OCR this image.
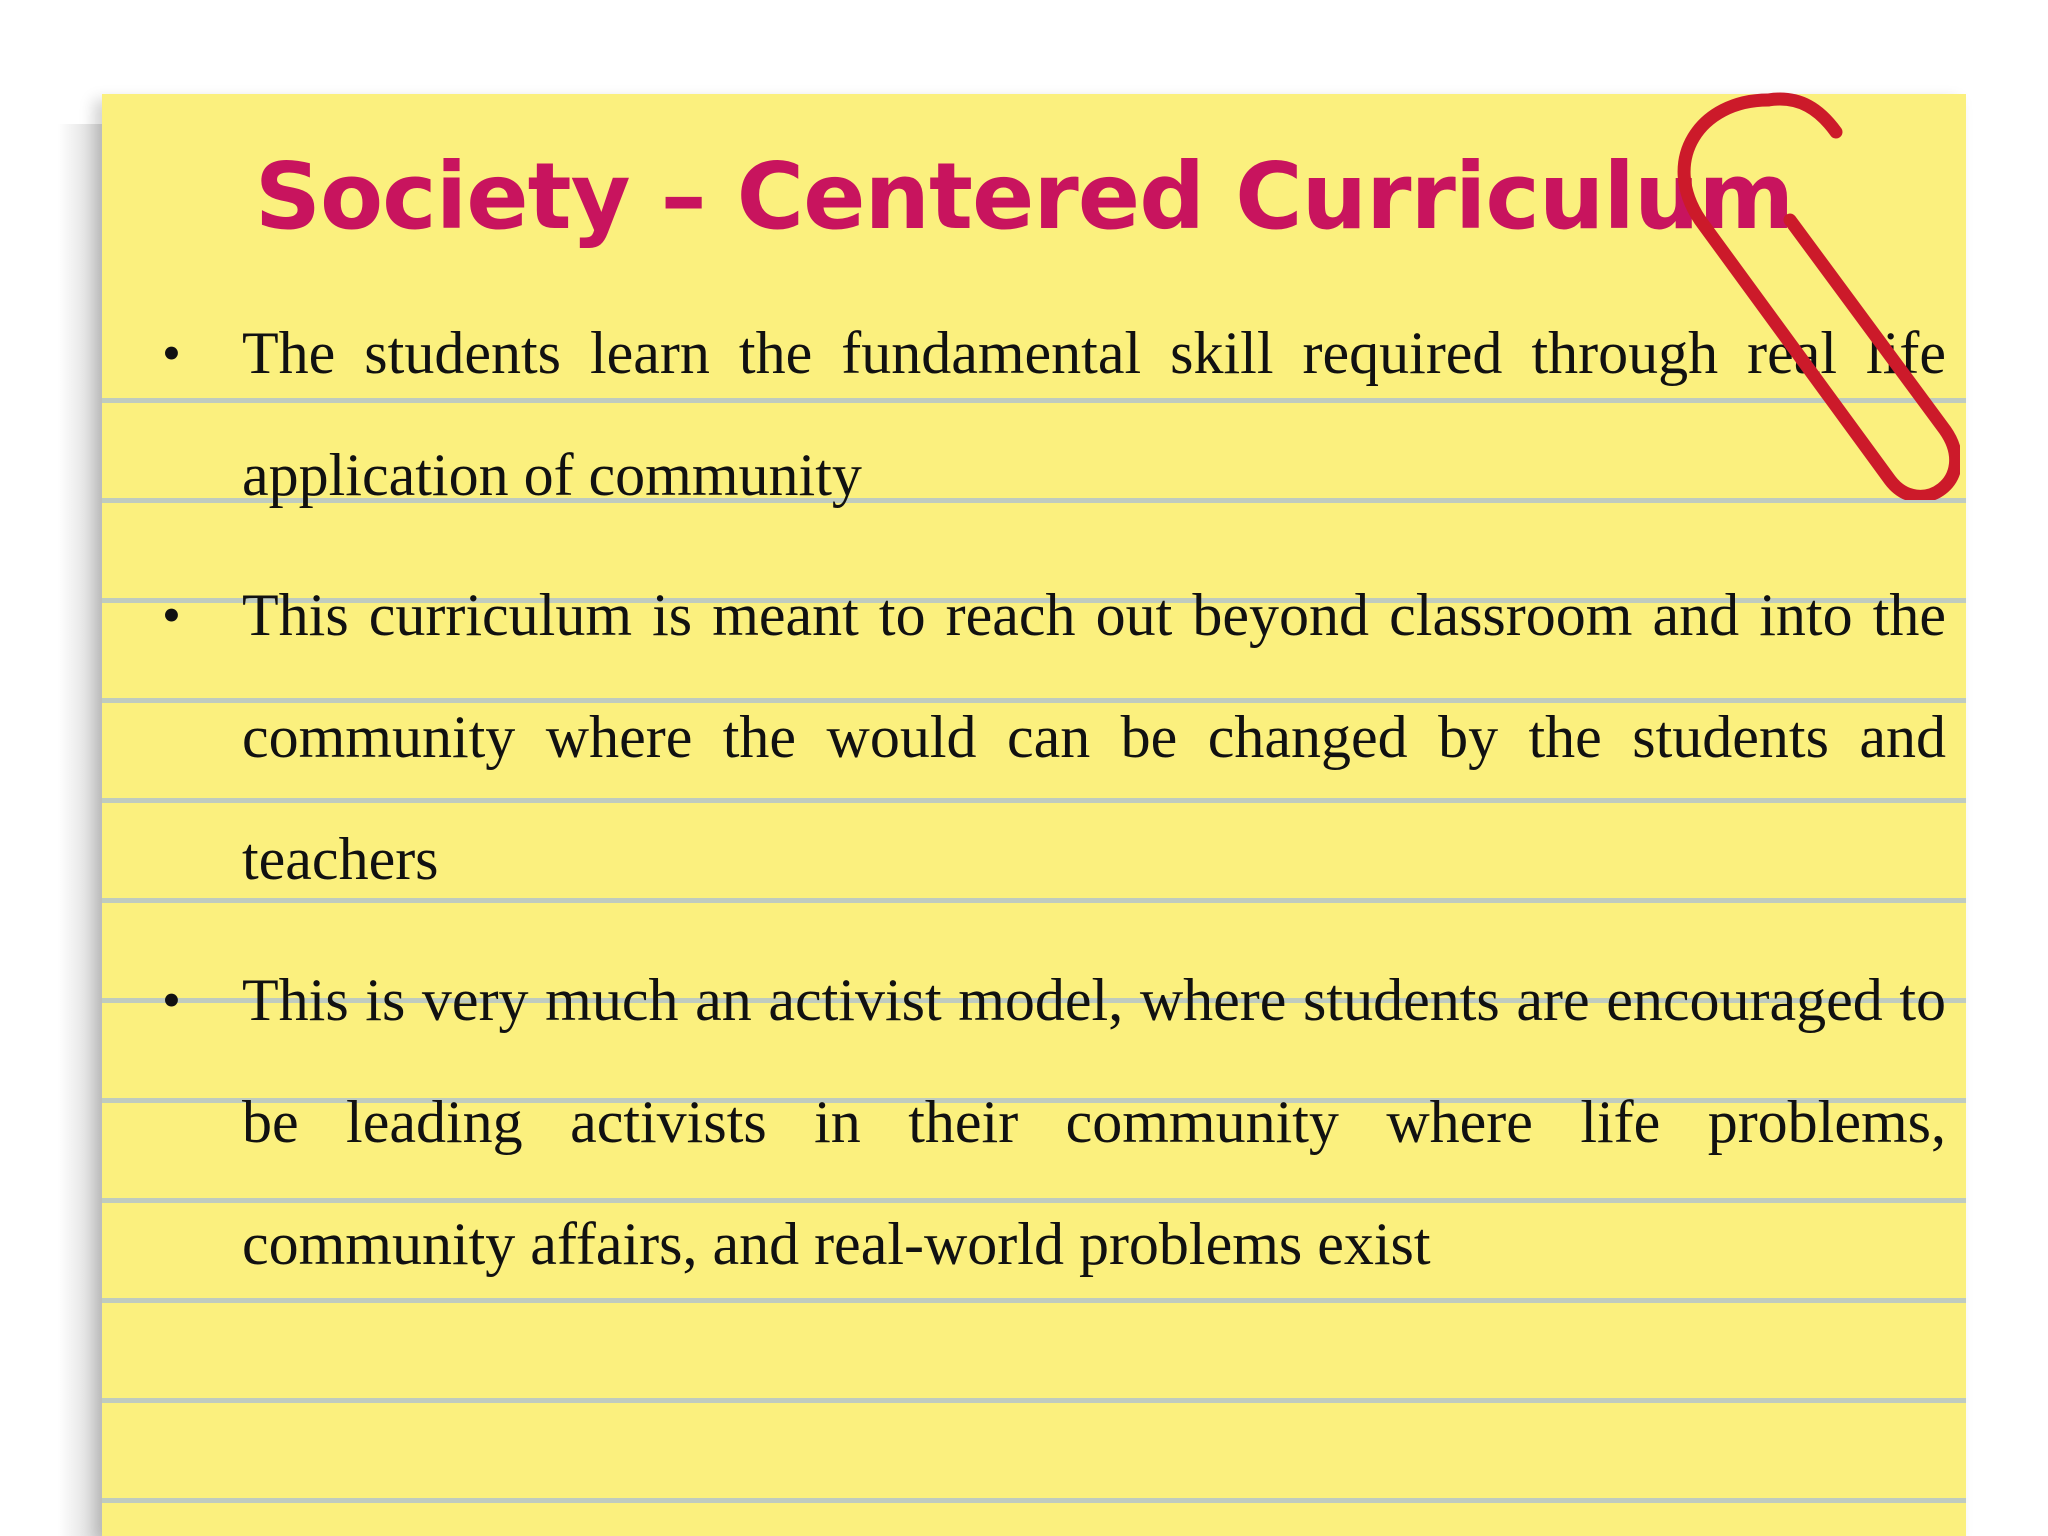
Society – Centered Curriculum
• The students learn the fundamental skill required through real life application of community
• This curriculum is meant to reach out beyond classroom and into the community where the would can be changed by the students and teachers
• This is very much an activist model, where students are encouraged to be leading activists in their community where life problems, community affairs, and real-world problems exist
